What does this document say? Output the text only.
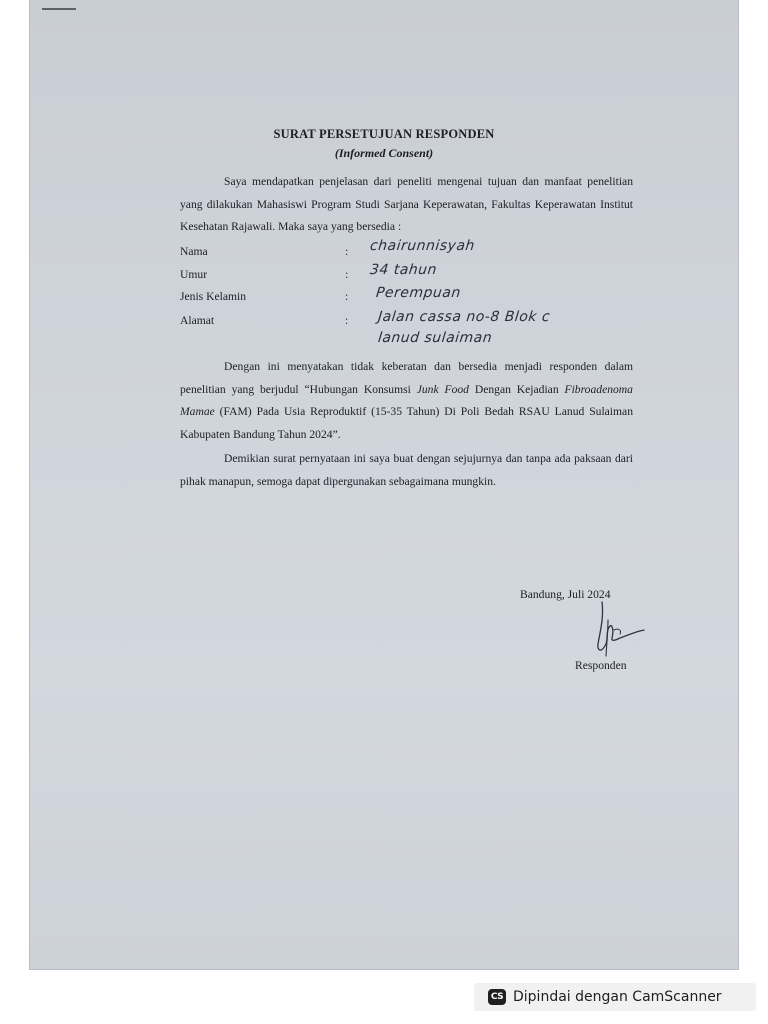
SURAT PERSETUJUAN RESPONDEN
(Informed Consent)

Saya mendapatkan penjelasan dari peneliti mengenai tujuan dan manfaat penelitian yang dilakukan Mahasiswi Program Studi Sarjana Keperawatan, Fakultas Keperawatan Institut Kesehatan Rajawali. Maka saya yang bersedia :

Nama	: chairunnisyah
Umur	: 34 tahun
Jenis Kelamin	: Perempuan
Alamat	: Jalan cassa no-8 Blok c
lanud sulaiman

Dengan ini menyatakan tidak keberatan dan bersedia menjadi responden dalam penelitian yang berjudul “Hubungan Konsumsi Junk Food Dengan Kejadian Fibroadenoma Mamae (FAM) Pada Usia Reproduktif (15-35 Tahun) Di Poli Bedah RSAU Lanud Sulaiman Kabupaten Bandung Tahun 2024”.

Demikian surat pernyataan ini saya buat dengan sejujurnya dan tanpa ada paksaan dari pihak manapun, semoga dapat dipergunakan sebagaimana mungkin.

Bandung, Juli 2024
Responden
CS Dipindai dengan CamScanner
